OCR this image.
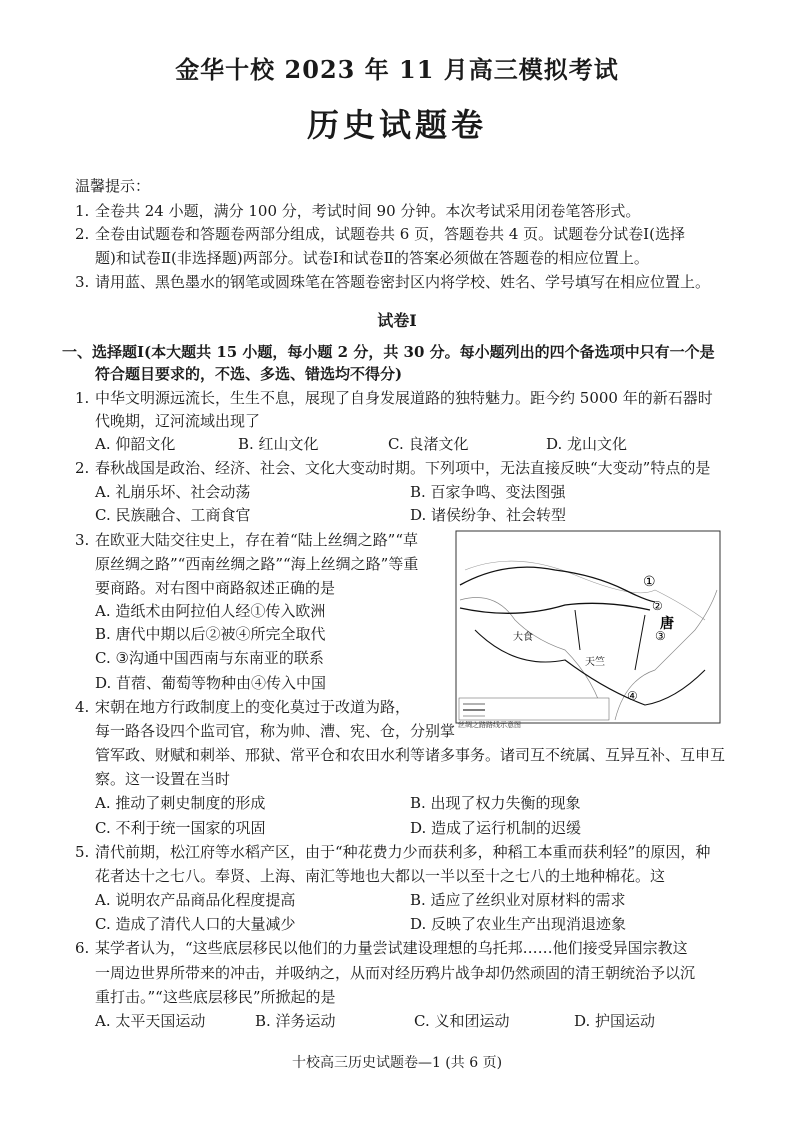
金华十校 2023 年 11 月高三模拟考试
历史试题卷
温馨提示：
1. 全卷共 24 小题，满分 100 分，考试时间 90 分钟。本次考试采用闭卷笔答形式。
2. 全卷由试题卷和答题卷两部分组成，试题卷共 6 页，答题卷共 4 页。试题卷分试卷Ⅰ(选择
题)和试卷Ⅱ(非选择题)两部分。试卷Ⅰ和试卷Ⅱ的答案必须做在答题卷的相应位置上。
3. 请用蓝、黑色墨水的钢笔或圆珠笔在答题卷密封区内将学校、姓名、学号填写在相应位置上。
试卷Ⅰ
一、选择题Ⅰ(本大题共 15 小题，每小题 2 分，共 30 分。每小题列出的四个备选项中只有一个是
符合题目要求的，不选、多选、错选均不得分)
1. 中华文明源远流长，生生不息，展现了自身发展道路的独特魅力。距今约 5000 年的新石器时
代晚期，辽河流域出现了
A. 仰韶文化	B. 红山文化	C. 良渚文化	D. 龙山文化
2. 春秋战国是政治、经济、社会、文化大变动时期。下列项中，无法直接反映“大变动”特点的是
A. 礼崩乐坏、社会动荡	B. 百家争鸣、变法图强
C. 民族融合、工商食官	D. 诸侯纷争、社会转型
3. 在欧亚大陆交往史上，存在着“陆上丝绸之路”“草
原丝绸之路”“西南丝绸之路”“海上丝绸之路”等重
要商路。对右图中商路叙述正确的是
A. 造纸术由阿拉伯人经①传入欧洲
B. 唐代中期以后②被④所完全取代
C. ③沟通中国西南与东南亚的联系
D. 苜蓿、葡萄等物种由④传入中国
大食
天竺
唐
①
②
③
④
丝绸之路路线示意图
4. 宋朝在地方行政制度上的变化莫过于改道为路，
每一路各设四个监司官，称为帅、漕、宪、仓，分别掌
管军政、财赋和刺举、邢狱、常平仓和农田水利等诸多事务。诸司互不统属、互异互补、互申互
察。这一设置在当时
A. 推动了刺史制度的形成	B. 出现了权力失衡的现象
C. 不利于统一国家的巩固	D. 造成了运行机制的迟缓
5. 清代前期，松江府等水稻产区，由于“种花费力少而获利多，种稻工本重而获利轻”的原因，种
花者达十之七八。奉贤、上海、南汇等地也大都以一半以至十之七八的土地种棉花。这
A. 说明农产品商品化程度提高	B. 适应了丝织业对原材料的需求
C. 造成了清代人口的大量减少	D. 反映了农业生产出现消退迹象
6. 某学者认为，“这些底层移民以他们的力量尝试建设理想的乌托邦……他们接受异国宗教这
一周边世界所带来的冲击，并吸纳之，从而对经历鸦片战争却仍然顽固的清王朝统治予以沉
重打击。”“这些底层移民”所掀起的是
A. 太平天国运动	B. 洋务运动	C. 义和团运动	D. 护国运动
十校高三历史试题卷—1 (共 6 页)
